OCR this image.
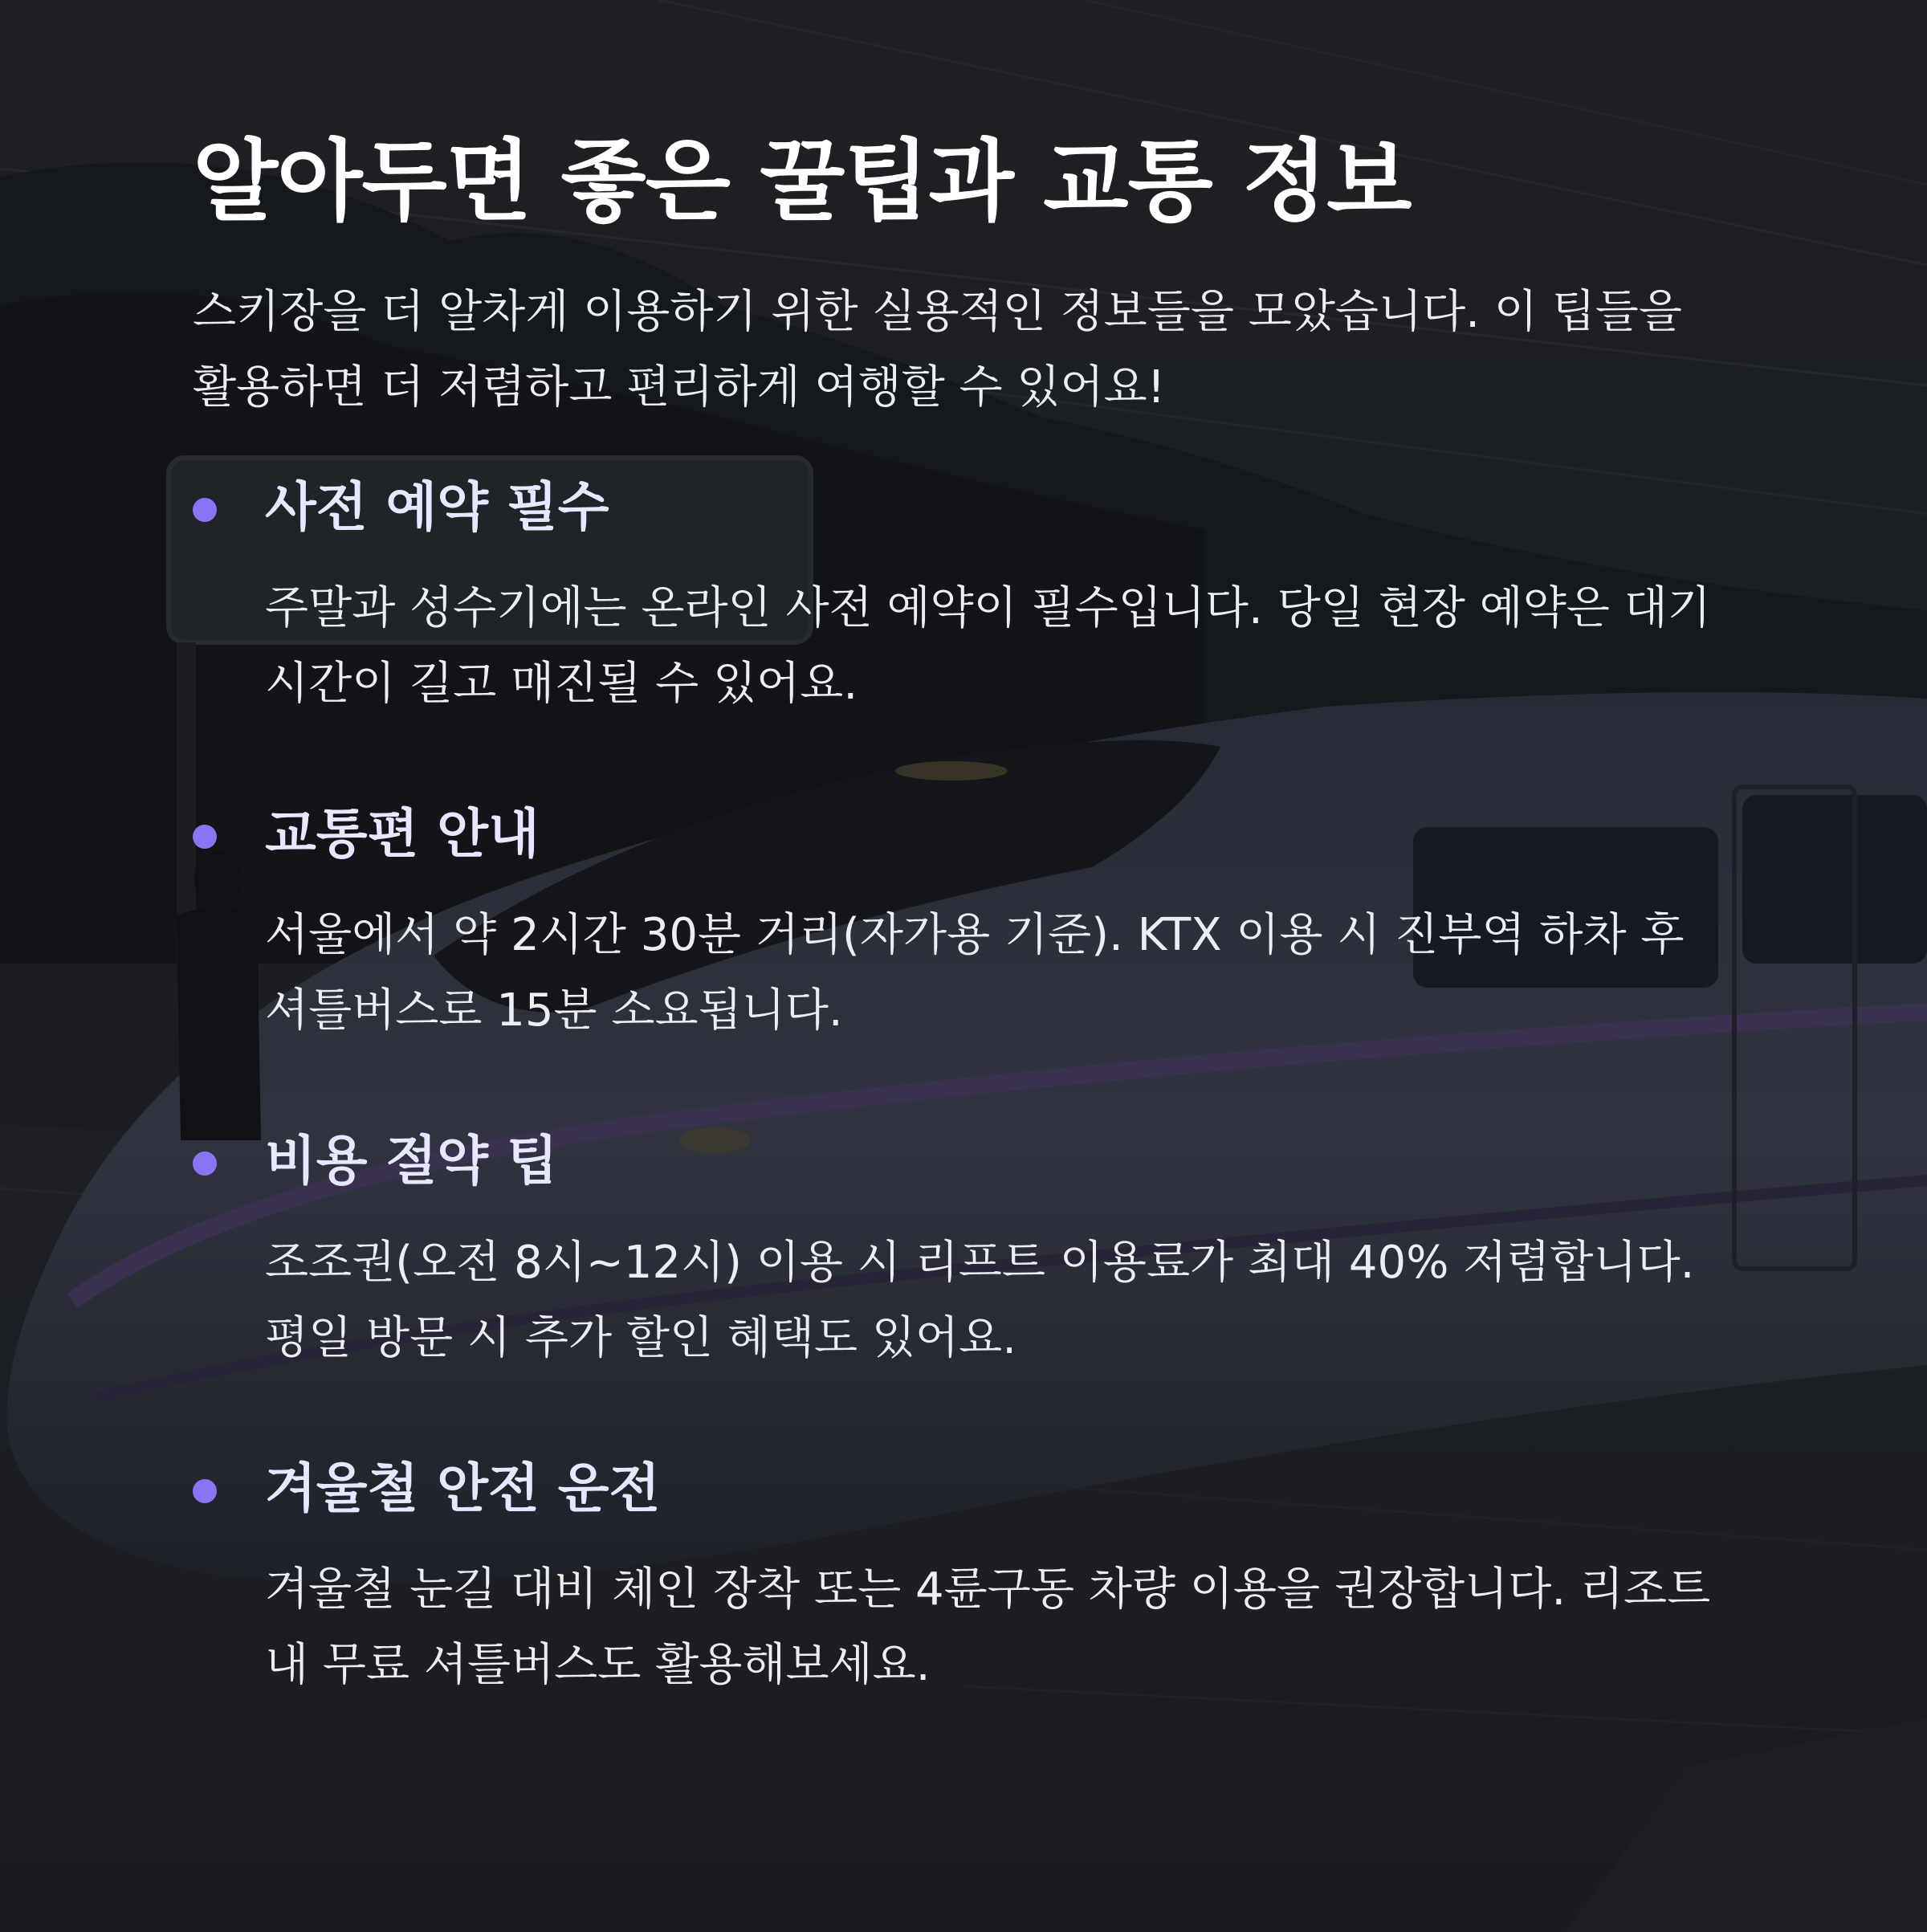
알아두면 좋은 꿀팁과 교통 정보

스키장을 더 알차게 이용하기 위한 실용적인 정보들을 모았습니다. 이 팁들을 활용하면 더 저렴하고 편리하게 여행할 수 있어요!

사전 예약 필수

주말과 성수기에는 온라인 사전 예약이 필수입니다. 당일 현장 예약은 대기시간이 길고 매진될 수 있어요.

교통편 안내

서울에서 약 2시간 30분 거리(자가용 기준). KTX 이용 시 진부역 하차 후 셔틀버스로 15분 소요됩니다.

비용 절약 팁

조조권(오전 8시~12시) 이용 시 리프트 이용료가 최대 40% 저렴합니다. 평일 방문 시 추가 할인 혜택도 있어요.

겨울철 안전 운전

겨울철 눈길 대비 체인 장착 또는 4륜구동 차량 이용을 권장합니다. 리조트 내 무료 셔틀버스도 활용해보세요.
